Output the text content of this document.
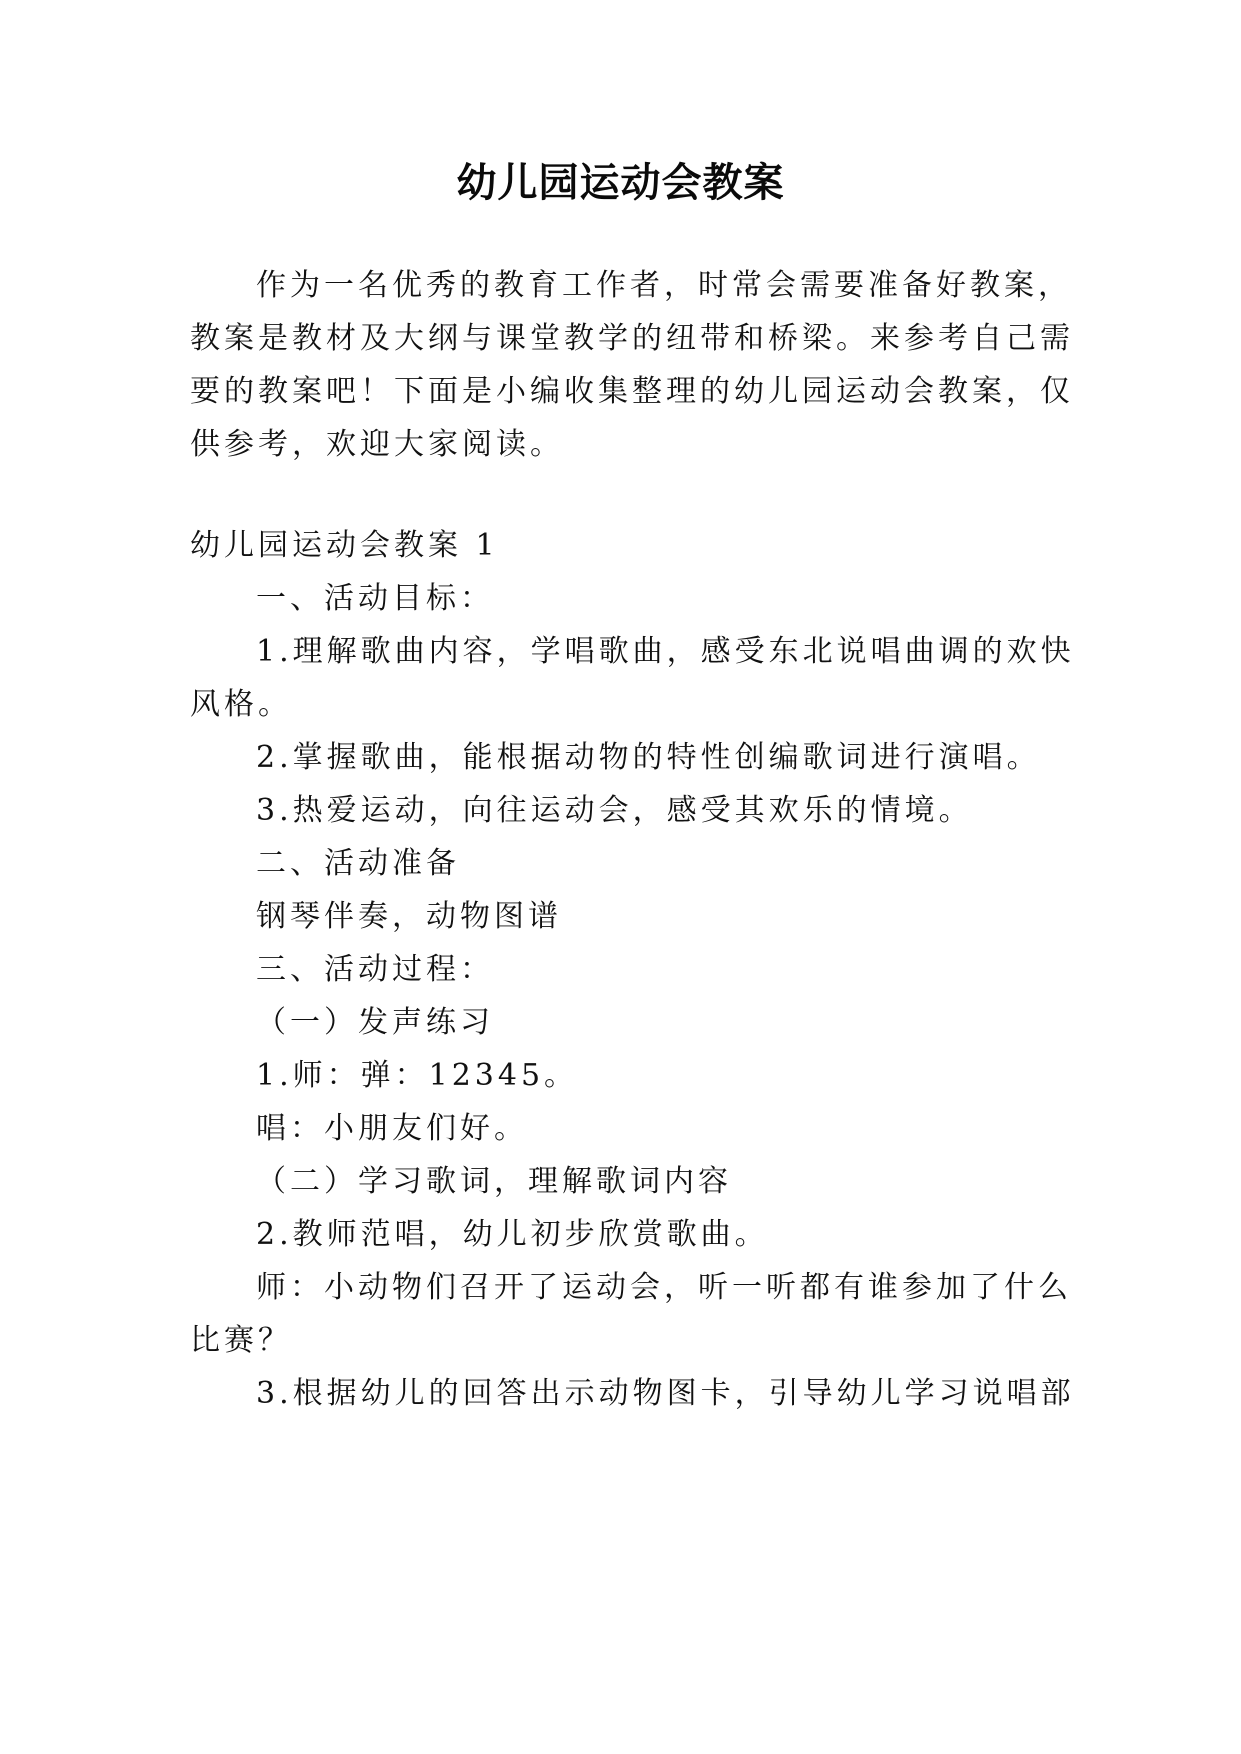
幼儿园运动会教案
作为一名优秀的教育工作者，时常会需要准备好教案，
教案是教材及大纲与课堂教学的纽带和桥梁。来参考自己需
要的教案吧！下面是小编收集整理的幼儿园运动会教案，仅
供参考，欢迎大家阅读。
幼儿园运动会教案 1
一、活动目标：
1.理解歌曲内容，学唱歌曲，感受东北说唱曲调的欢快
风格。
2.掌握歌曲，能根据动物的特性创编歌词进行演唱。
3.热爱运动，向往运动会，感受其欢乐的情境。
二、活动准备
钢琴伴奏，动物图谱
三、活动过程：
（一）发声练习
1.师：弹：12345。
唱：小朋友们好。
（二）学习歌词，理解歌词内容
2.教师范唱，幼儿初步欣赏歌曲。
师：小动物们召开了运动会，听一听都有谁参加了什么
比赛？
3.根据幼儿的回答出示动物图卡，引导幼儿学习说唱部
